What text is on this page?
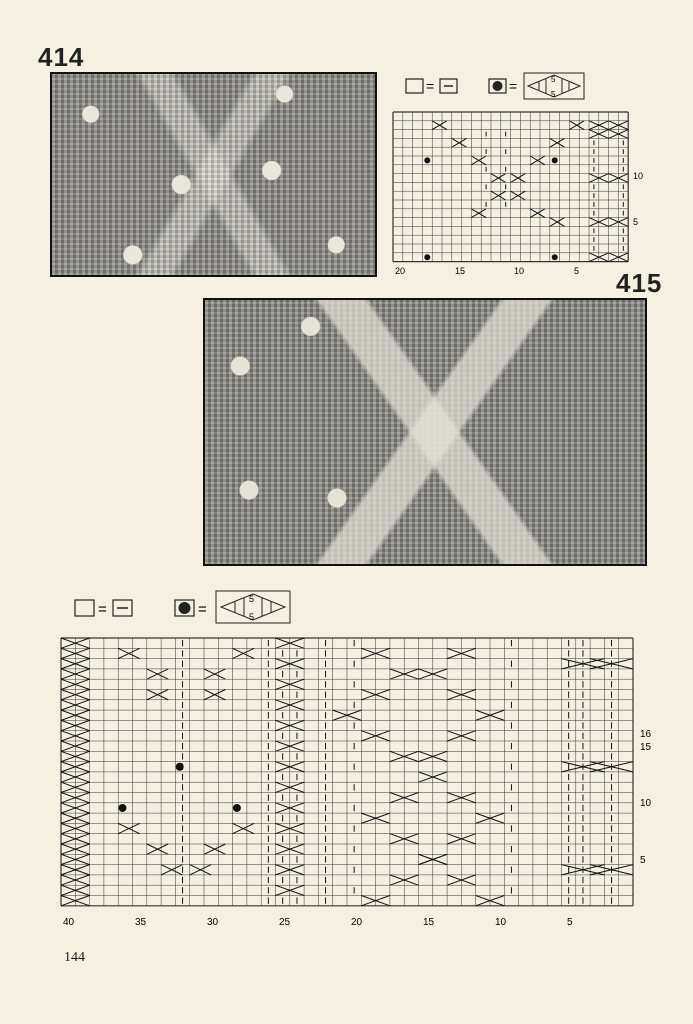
414
=	=	5
5
10
5
20	15	10	5 415
=	=
5
5
16
15
10
5
40	35	30	25	20	15	10	5
144
